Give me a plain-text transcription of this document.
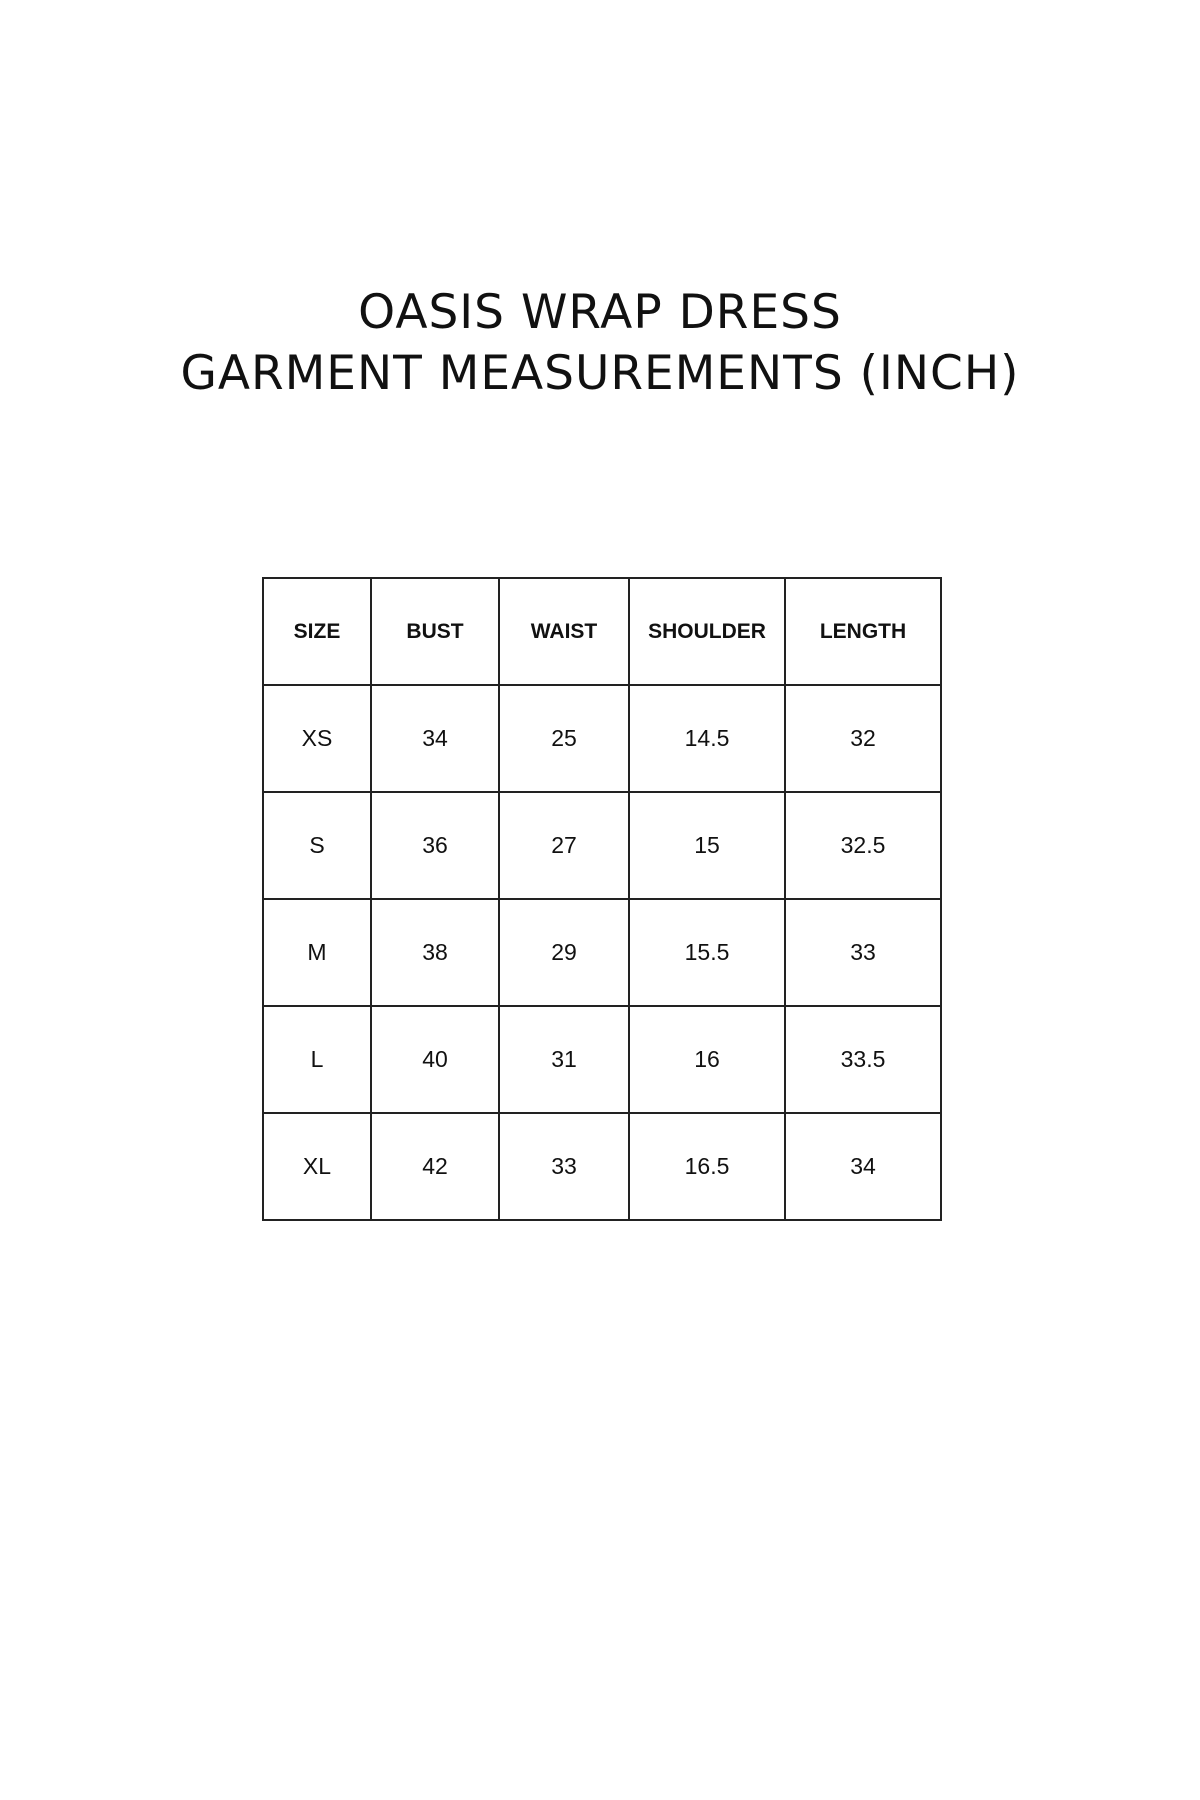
OASIS WRAP DRESS
GARMENT MEASUREMENTS (INCH)
SIZE	BUST	WAIST	SHOULDER	LENGTH
XS	34	25	14.5	32
S	36	27	15	32.5
M	38	29	15.5	33
L	40	31	16	33.5
XL	42	33	16.5	34
